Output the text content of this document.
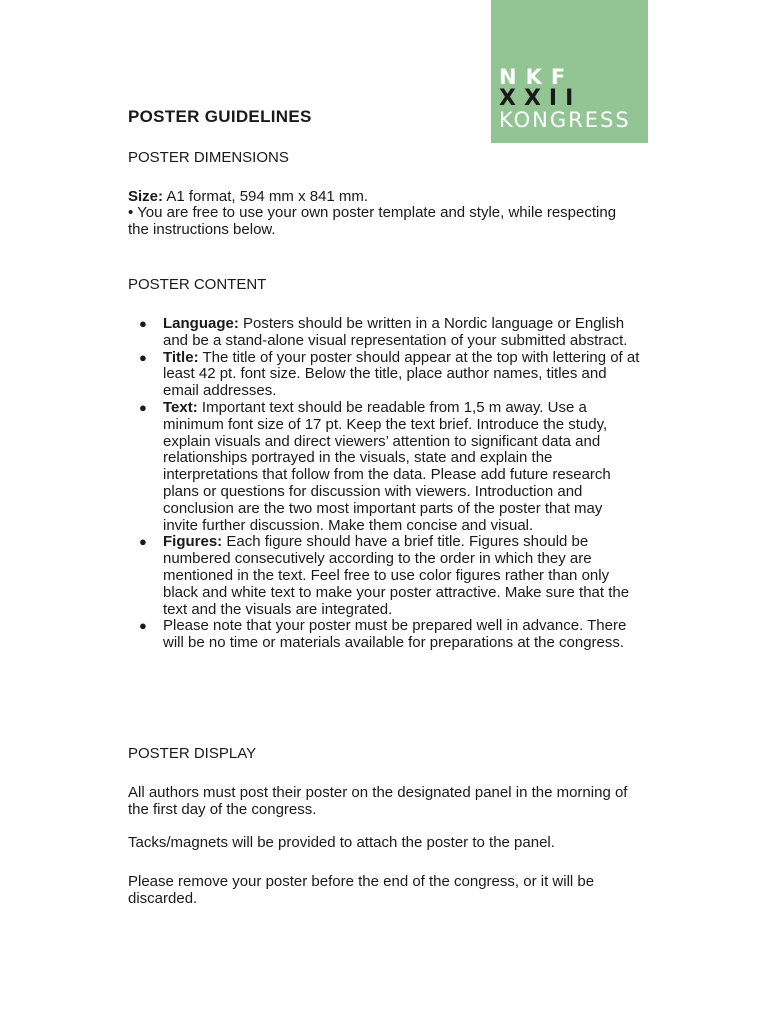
NKF
XXII
KONGRESS
POSTER GUIDELINES
POSTER DIMENSIONS
Size: A1 format, 594 mm x 841 mm.
• You are free to use your own poster template and style, while respecting the instructions below.
POSTER CONTENT
● Language: Posters should be written in a Nordic language or English and be a stand-alone visual representation of your submitted abstract.
● Title: The title of your poster should appear at the top with lettering of at least 42 pt. font size. Below the title, place author names, titles and email addresses.
● Text: Important text should be readable from 1,5 m away. Use a minimum font size of 17 pt. Keep the text brief. Introduce the study, explain visuals and direct viewers’ attention to significant data and relationships portrayed in the visuals, state and explain the interpretations that follow from the data. Please add future research plans or questions for discussion with viewers. Introduction and conclusion are the two most important parts of the poster that may invite further discussion. Make them concise and visual.
● Figures: Each figure should have a brief title. Figures should be numbered consecutively according to the order in which they are mentioned in the text. Feel free to use color figures rather than only black and white text to make your poster attractive. Make sure that the text and the visuals are integrated.
● Please note that your poster must be prepared well in advance. There will be no time or materials available for preparations at the congress.
POSTER DISPLAY
All authors must post their poster on the designated panel in the morning of the first day of the congress.
Tacks/magnets will be provided to attach the poster to the panel.
Please remove your poster before the end of the congress, or it will be discarded.
